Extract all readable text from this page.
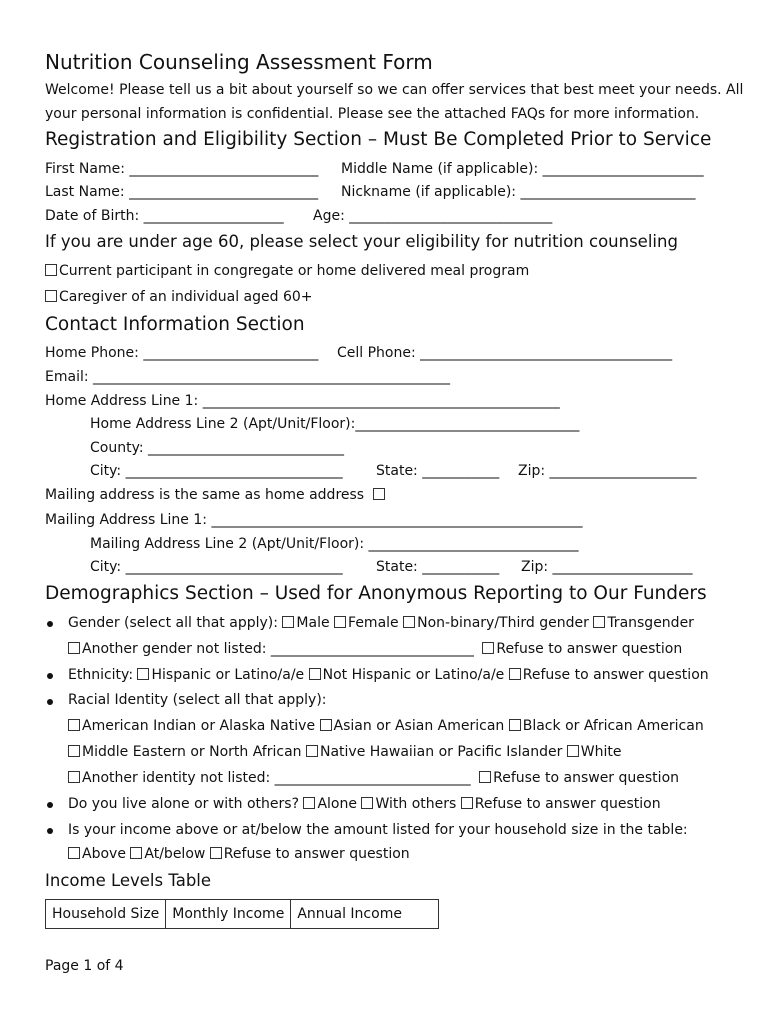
Nutrition Counseling Assessment Form
Welcome! Please tell us a bit about yourself so we can offer services that best meet your needs. All
your personal information is confidential. Please see the attached FAQs for more information.
Registration and Eligibility Section – Must Be Completed Prior to Service
First Name: ___________________________ Middle Name (if applicable): _______________________
Last Name: ___________________________ Nickname (if applicable): _________________________
Date of Birth: ____________________ Age: _____________________________
If you are under age 60, please select your eligibility for nutrition counseling
Current participant in congregate or home delivered meal program
Caregiver of an individual aged 60+
Contact Information Section
Home Phone: _________________________ Cell Phone: ____________________________________
Email: ___________________________________________________
Home Address Line 1: ___________________________________________________
Home Address Line 2 (Apt/Unit/Floor):________________________________
County: ____________________________
City: _______________________________ State: ___________ Zip: _____________________
Mailing address is the same as home address
Mailing Address Line 1: _____________________________________________________
Mailing Address Line 2 (Apt/Unit/Floor): ______________________________
City: _______________________________ State: ___________ Zip: ____________________
Demographics Section – Used for Anonymous Reporting to Our Funders
Gender (select all that apply): Male Female Non-binary/Third gender Transgender
Another gender not listed: _____________________________ Refuse to answer question
Ethnicity: Hispanic or Latino/a/e Not Hispanic or Latino/a/e Refuse to answer question
Racial Identity (select all that apply):
American Indian or Alaska Native Asian or Asian American Black or African American
Middle Eastern or North African Native Hawaiian or Pacific Islander White
Another identity not listed: ____________________________ Refuse to answer question
Do you live alone or with others? Alone With others Refuse to answer question
Is your income above or at/below the amount listed for your household size in the table:
Above At/below Refuse to answer question
Income Levels Table
Household Size	Monthly Income	Annual Income
Page 1 of 4
